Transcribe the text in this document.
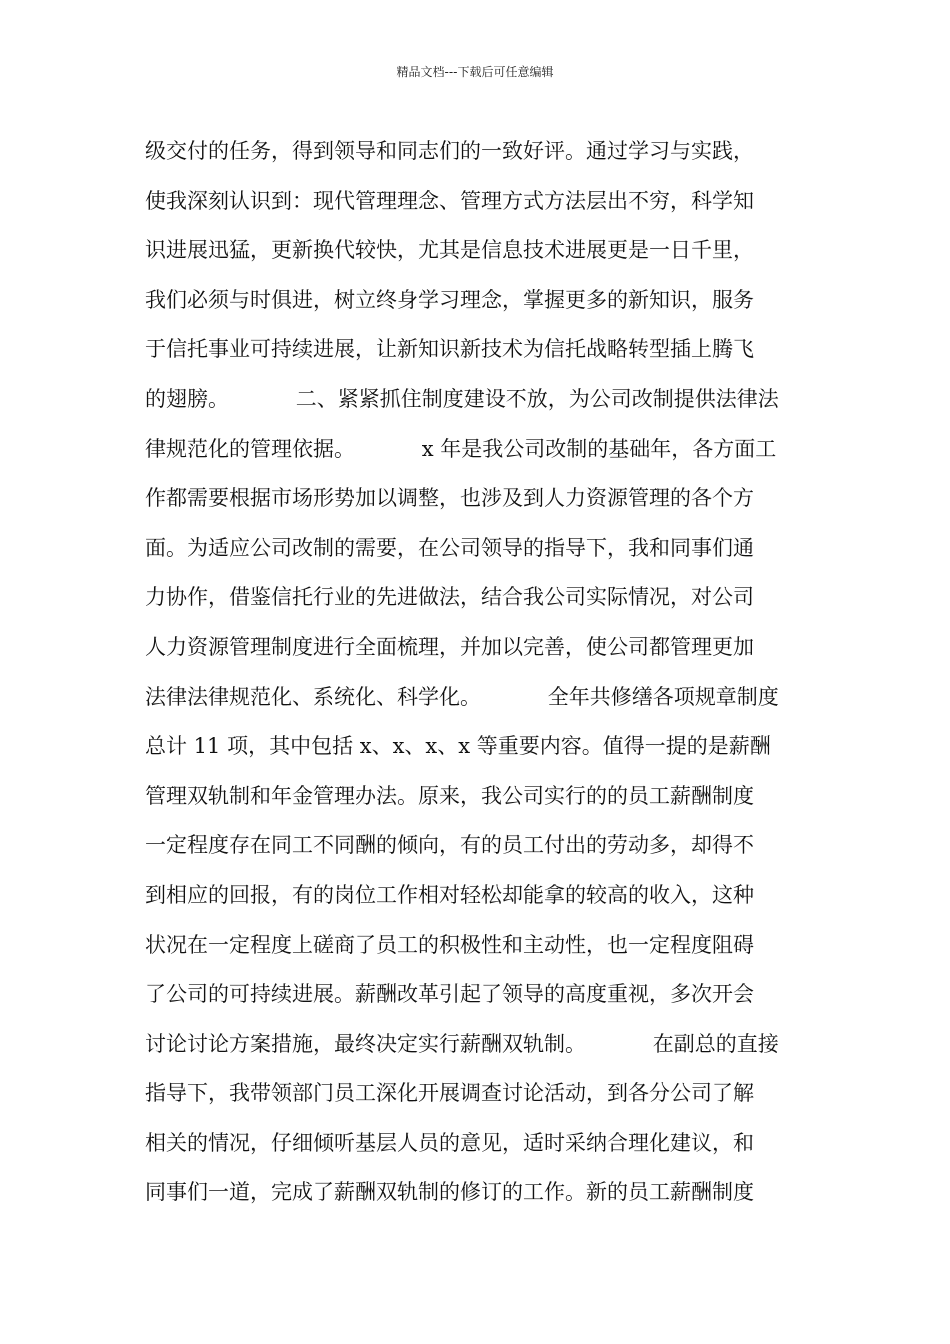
精品文档---下载后可任意编辑
级交付的任务，得到领导和同志们的一致好评。通过学习与实践，
使我深刻认识到：现代管理理念、管理方式方法层出不穷，科学知
识进展迅猛，更新换代较快，尤其是信息技术进展更是一日千里，
我们必须与时俱进，树立终身学习理念，掌握更多的新知识，服务
于信托事业可持续进展，让新知识新技术为信托战略转型插上腾飞
的翅膀。          二、紧紧抓住制度建设不放，为公司改制提供法律法
律规范化的管理依据。          x 年是我公司改制的基础年，各方面工
作都需要根据市场形势加以调整，也涉及到人力资源管理的各个方
面。为适应公司改制的需要，在公司领导的指导下，我和同事们通
力协作，借鉴信托行业的先进做法，结合我公司实际情况，对公司
人力资源管理制度进行全面梳理，并加以完善，使公司都管理更加
法律法律规范化、系统化、科学化。          全年共修缮各项规章制度
总计 11 项，其中包括 x、x、x、x 等重要内容。值得一提的是薪酬
管理双轨制和年金管理办法。原来，我公司实行的的员工薪酬制度
一定程度存在同工不同酬的倾向，有的员工付出的劳动多，却得不
到相应的回报，有的岗位工作相对轻松却能拿的较高的收入，这种
状况在一定程度上磋商了员工的积极性和主动性，也一定程度阻碍
了公司的可持续进展。薪酬改革引起了领导的高度重视，多次开会
讨论讨论方案措施，最终决定实行薪酬双轨制。          在副总的直接
指导下，我带领部门员工深化开展调查讨论活动，到各分公司了解
相关的情况，仔细倾听基层人员的意见，适时采纳合理化建议，和
同事们一道，完成了薪酬双轨制的修订的工作。新的员工薪酬制度
